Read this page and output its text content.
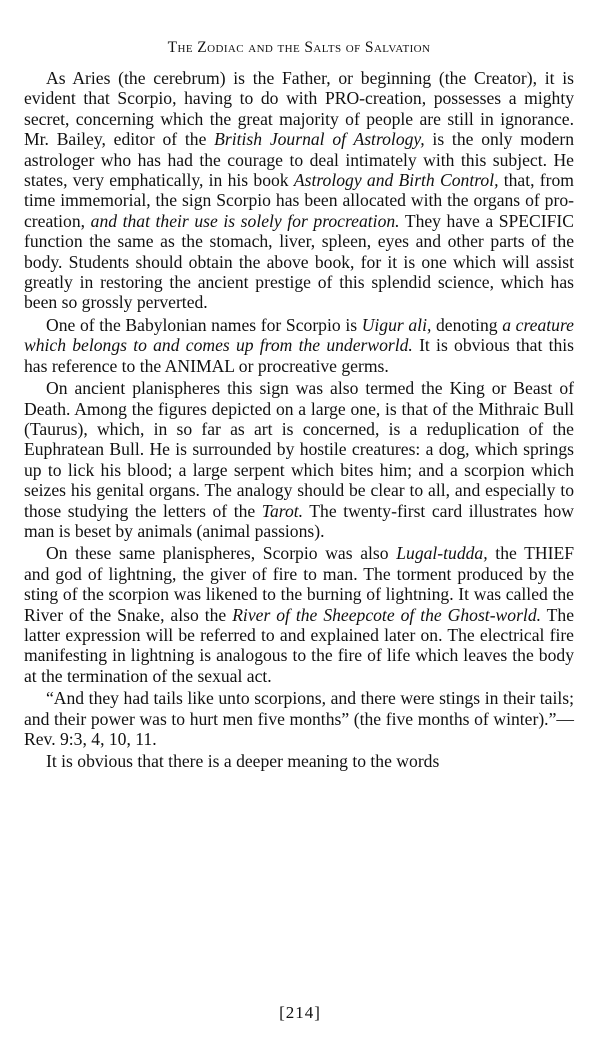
The Zodiac and the Salts of Salvation

As Aries (the cerebrum) is the Father, or beginning (the Creator), it is evident that Scorpio, having to do with PRO-creation, possesses a mighty secret, concerning which the great majority of people are still in ignorance. Mr. Bailey, editor of the British Journal of Astrology, is the only modern astrologer who has had the courage to deal intimately with this subject. He states, very emphatically, in his book Astrology and Birth Control, that, from time immemorial, the sign Scorpio has been allocated with the organs of pro-creation, and that their use is solely for procreation. They have a SPECIFIC function the same as the stomach, liver, spleen, eyes and other parts of the body. Students should obtain the above book, for it is one which will assist greatly in restoring the ancient prestige of this splendid science, which has been so grossly perverted.

One of the Babylonian names for Scorpio is Uigur ali, denoting a creature which belongs to and comes up from the underworld. It is obvious that this has reference to the ANIMAL or procreative germs.

On ancient planispheres this sign was also termed the King or Beast of Death. Among the figures depicted on a large one, is that of the Mithraic Bull (Taurus), which, in so far as art is concerned, is a reduplication of the Euphratean Bull. He is surrounded by hostile creatures: a dog, which springs up to lick his blood; a large serpent which bites him; and a scorpion which seizes his genital organs. The analogy should be clear to all, and especially to those studying the letters of the Tarot. The twenty-first card illustrates how man is beset by animals (animal passions).

On these same planispheres, Scorpio was also Lugal-tudda, the THIEF and god of lightning, the giver of fire to man. The torment produced by the sting of the scorpion was likened to the burning of lightning. It was called the River of the Snake, also the River of the Sheepcote of the Ghost-world. The latter expression will be referred to and explained later on. The electrical fire manifesting in lightning is analogous to the fire of life which leaves the body at the termination of the sexual act.

“And they had tails like unto scorpions, and there were stings in their tails; and their power was to hurt men five months” (the five months of winter).”—Rev. 9:3, 4, 10, 11.

It is obvious that there is a deeper meaning to the words

[214]
